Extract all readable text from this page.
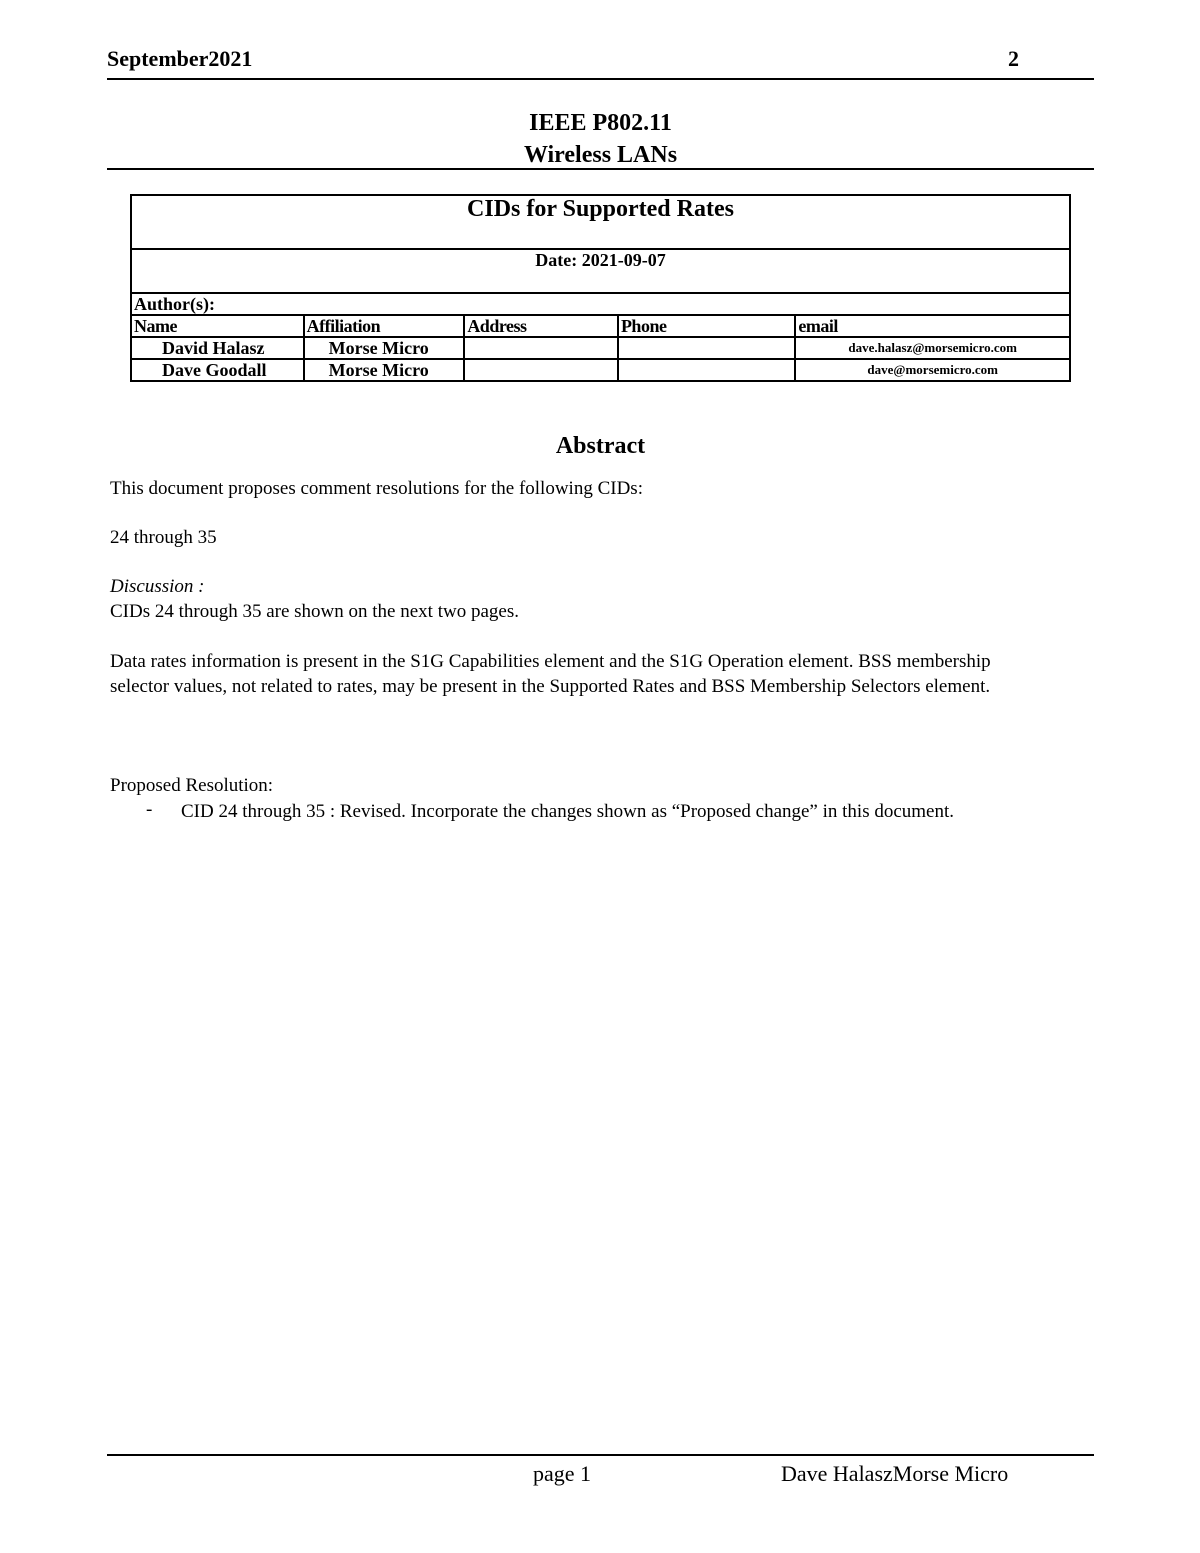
September2021	2
IEEE P802.11
Wireless LANs
CIDs for Supported Rates				
Date: 2021-09-07				
Author(s):				
Name	Affiliation	Address	Phone	email
David Halasz	Morse Micro			dave.halasz@morsemicro.com
Dave Goodall	Morse Micro			dave@morsemicro.com
Abstract
This document proposes comment resolutions for the following CIDs:
24 through 35
Discussion :
CIDs 24 through 35 are shown on the next two pages.
Data rates information is present in the S1G Capabilities element and the S1G Operation element. BSS membership selector values, not related to rates, may be present in the Supported Rates and BSS Membership Selectors element.
Proposed Resolution:
- CID 24 through 35 : Revised. Incorporate the changes shown as “Proposed change” in this document.
page 1	Dave HalaszMorse Micro
